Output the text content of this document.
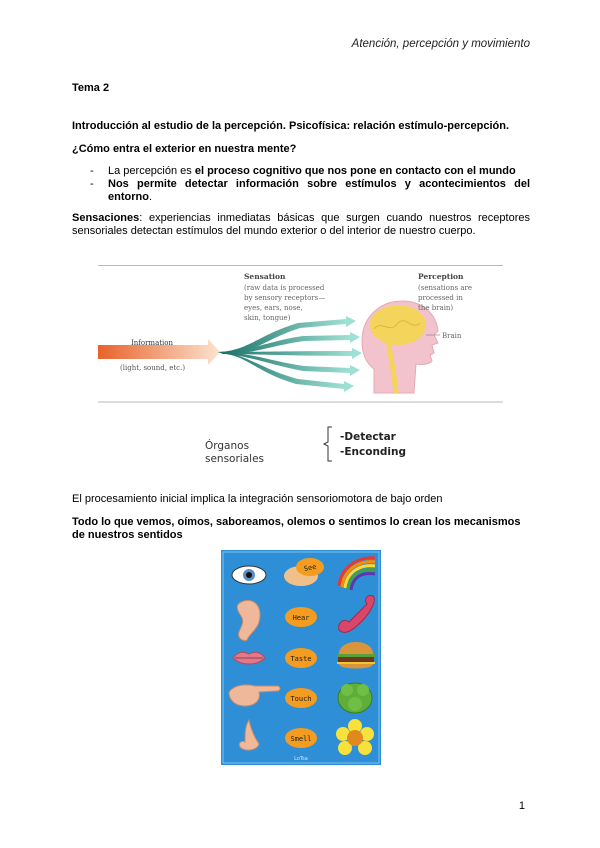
Atención, percepción y movimiento
Tema 2
Introducción al estudio de la percepción. Psicofísica: relación estímulo-percepción.
¿Cómo entra el exterior en nuestra mente?
- La percepción es el proceso cognitivo que nos pone en contacto con el mundo
- Nos permite detectar información sobre estímulos y acontecimientos del entorno.
Sensaciones: experiencias inmediatas básicas que surgen cuando nuestros receptores sensoriales detectan estímulos del mundo exterior o del interior de nuestro cuerpo.
Information
(light, sound, etc.)
Sensation
(raw data is processed
by sensory receptors—
eyes, ears, nose,
skin, tongue)
Brain
Perception
(sensations are
processed in
the brain)
Órganos
sensoriales
-Detectar
-Enconding
El procesamiento inicial implica la integración sensoriomotora de bajo orden
Todo lo que vemos, oímos, saboreamos, olemos o sentimos lo crean los mecanismos de nuestros sentidos
See
Hear
Taste
Touch
Smell
LoTsa
1
